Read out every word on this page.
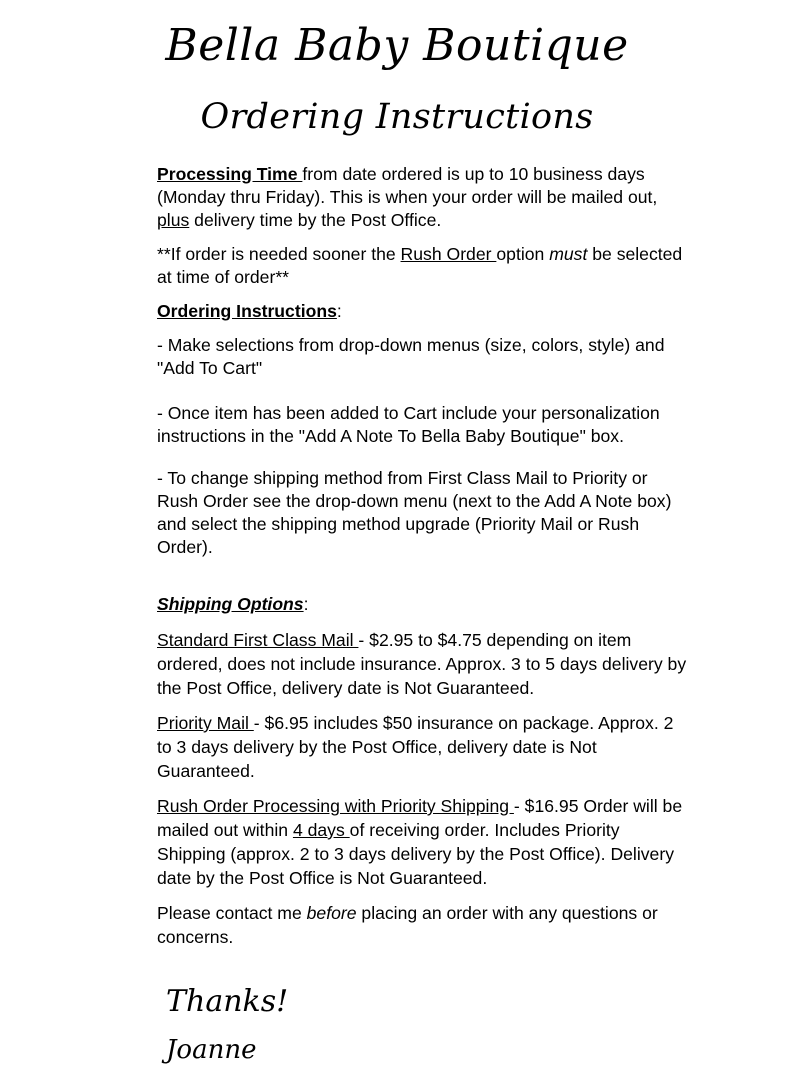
Bella Baby Boutique
Ordering Instructions

Processing Time from date ordered is up to 10 business days (Monday thru Friday). This is when your order will be mailed out, plus delivery time by the Post Office.

**If order is needed sooner the Rush Order option must be selected at time of order**

Ordering Instructions:

- Make selections from drop-down menus (size, colors, style) and "Add To Cart"

- Once item has been added to Cart include your personalization instructions in the "Add A Note To Bella Baby Boutique" box.

- To change shipping method from First Class Mail to Priority or Rush Order see the drop-down menu (next to the Add A Note box) and select the shipping method upgrade (Priority Mail or Rush Order).

Shipping Options:

Standard First Class Mail - $2.95 to $4.75 depending on item ordered, does not include insurance. Approx. 3 to 5 days delivery by the Post Office, delivery date is Not Guaranteed.

Priority Mail - $6.95 includes $50 insurance on package. Approx. 2 to 3 days delivery by the Post Office, delivery date is Not Guaranteed.

Rush Order Processing with Priority Shipping - $16.95 Order will be mailed out within 4 days of receiving order. Includes Priority Shipping (approx. 2 to 3 days delivery by the Post Office). Delivery date by the Post Office is Not Guaranteed.

Please contact me before placing an order with any questions or concerns.

Thanks!
Joanne
